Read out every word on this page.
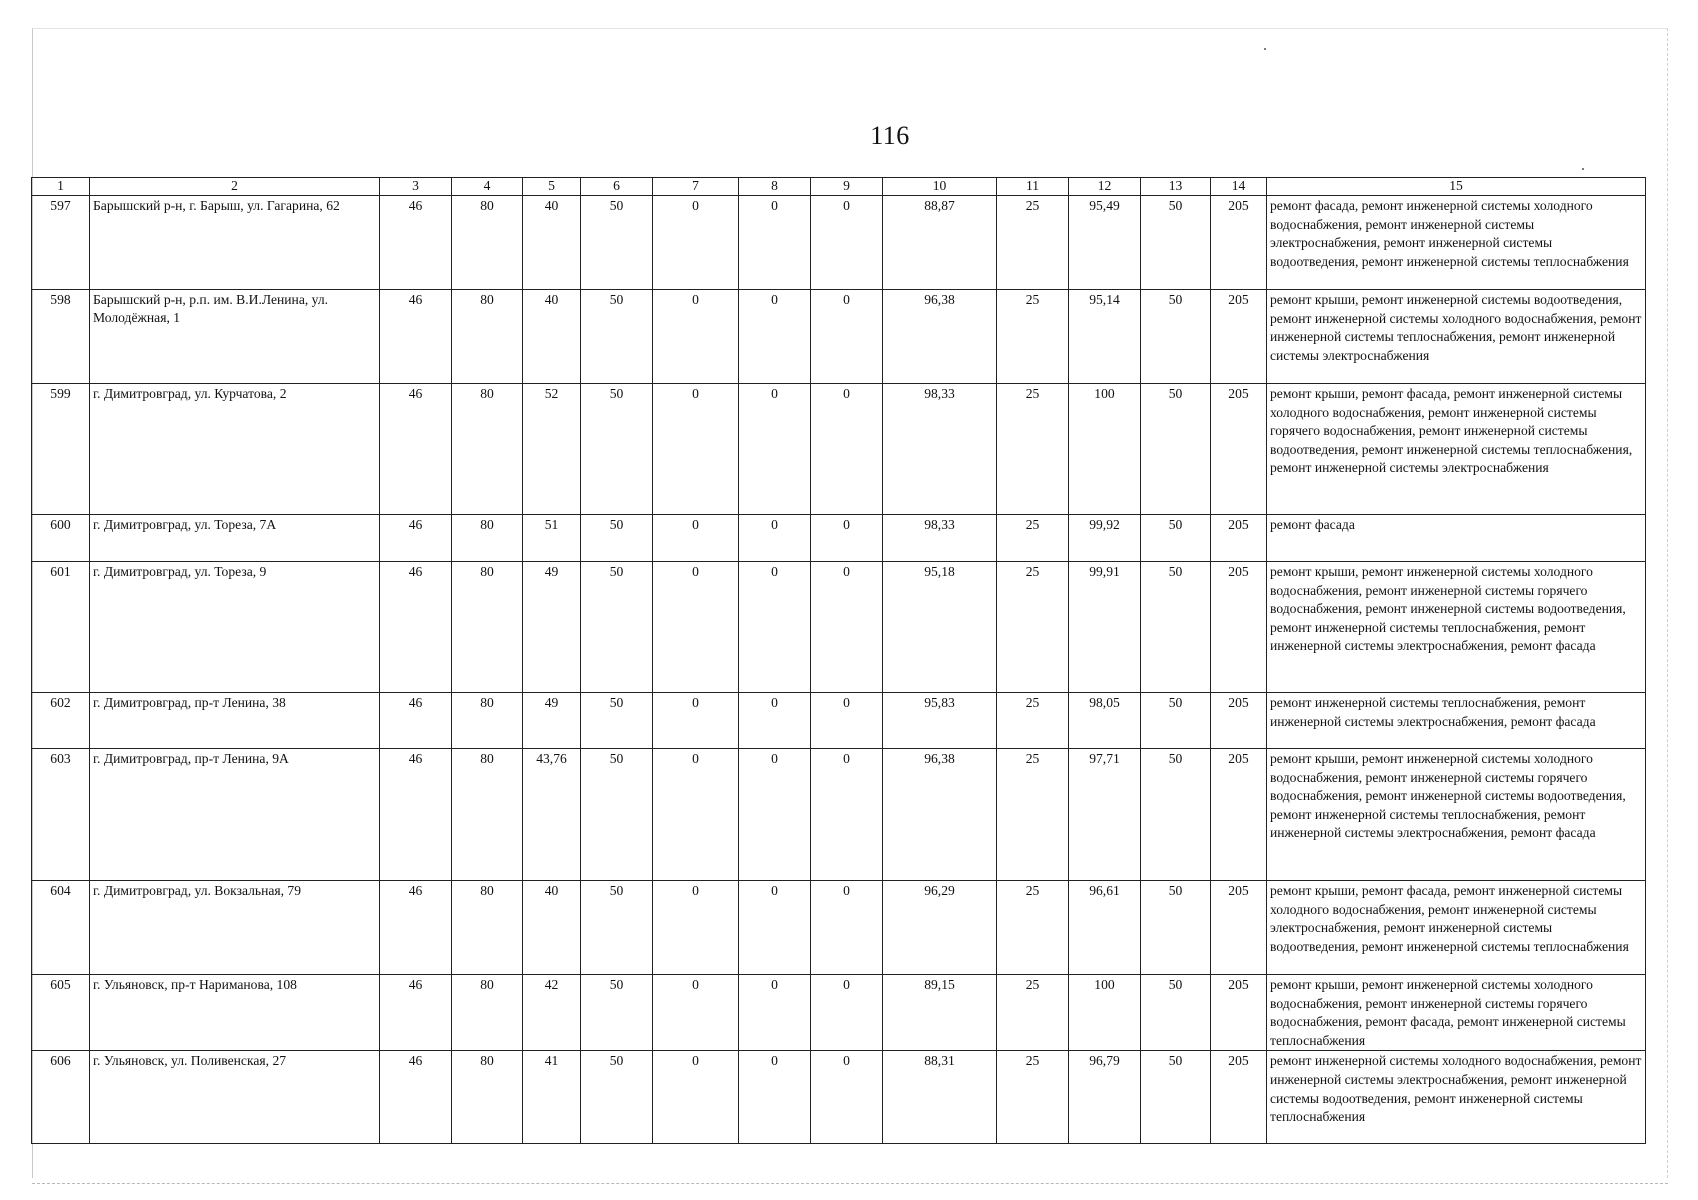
116
1	2	3	4	5	6	7	8	9	10	11	12	13	14	15
597	Барышский р-н, г. Барыш, ул. Гагарина, 62	46	80	40	50	0	0	0	88,87	25	95,49	50	205	ремонт фасада, ремонт инженерной системы холодного водоснабжения, ремонт инженерной системы электроснабжения, ремонт инженерной системы водоотведения, ремонт инженерной системы теплоснабжения
598	Барышский р-н, р.п. им. В.И.Ленина, ул. Молодёжная, 1	46	80	40	50	0	0	0	96,38	25	95,14	50	205	ремонт крыши, ремонт инженерной системы водоотведения, ремонт инженерной системы холодного водоснабжения, ремонт инженерной системы теплоснабжения, ремонт инженерной системы электроснабжения
599	г. Димитровград, ул. Курчатова, 2	46	80	52	50	0	0	0	98,33	25	100	50	205	ремонт крыши, ремонт фасада, ремонт инженерной системы холодного водоснабжения, ремонт инженерной системы горячего водоснабжения, ремонт инженерной системы водоотведения, ремонт инженерной системы теплоснабжения, ремонт инженерной системы электроснабжения
600	г. Димитровград, ул. Тореза, 7А	46	80	51	50	0	0	0	98,33	25	99,92	50	205	ремонт фасада
601	г. Димитровград, ул. Тореза, 9	46	80	49	50	0	0	0	95,18	25	99,91	50	205	ремонт крыши, ремонт инженерной системы холодного водоснабжения, ремонт инженерной системы горячего водоснабжения, ремонт инженерной системы водоотведения, ремонт инженерной системы теплоснабжения, ремонт инженерной системы электроснабжения, ремонт фасада
602	г. Димитровград, пр-т Ленина, 38	46	80	49	50	0	0	0	95,83	25	98,05	50	205	ремонт инженерной системы теплоснабжения, ремонт инженерной системы электроснабжения, ремонт фасада
603	г. Димитровград, пр-т Ленина, 9А	46	80	43,76	50	0	0	0	96,38	25	97,71	50	205	ремонт крыши, ремонт инженерной системы холодного водоснабжения, ремонт инженерной системы горячего водоснабжения, ремонт инженерной системы водоотведения, ремонт инженерной системы теплоснабжения, ремонт инженерной системы электроснабжения, ремонт фасада
604	г. Димитровград, ул. Вокзальная, 79	46	80	40	50	0	0	0	96,29	25	96,61	50	205	ремонт крыши, ремонт фасада, ремонт инженерной системы холодного водоснабжения, ремонт инженерной системы электроснабжения, ремонт инженерной системы водоотведения, ремонт инженерной системы теплоснабжения
605	г. Ульяновск, пр-т Нариманова, 108	46	80	42	50	0	0	0	89,15	25	100	50	205	ремонт крыши, ремонт инженерной системы холодного водоснабжения, ремонт инженерной системы горячего водоснабжения, ремонт фасада, ремонт инженерной системы теплоснабжения
606	г. Ульяновск, ул. Поливенская, 27	46	80	41	50	0	0	0	88,31	25	96,79	50	205	ремонт инженерной системы холодного водоснабжения, ремонт инженерной системы электроснабжения, ремонт инженерной системы водоотведения, ремонт инженерной системы теплоснабжения
